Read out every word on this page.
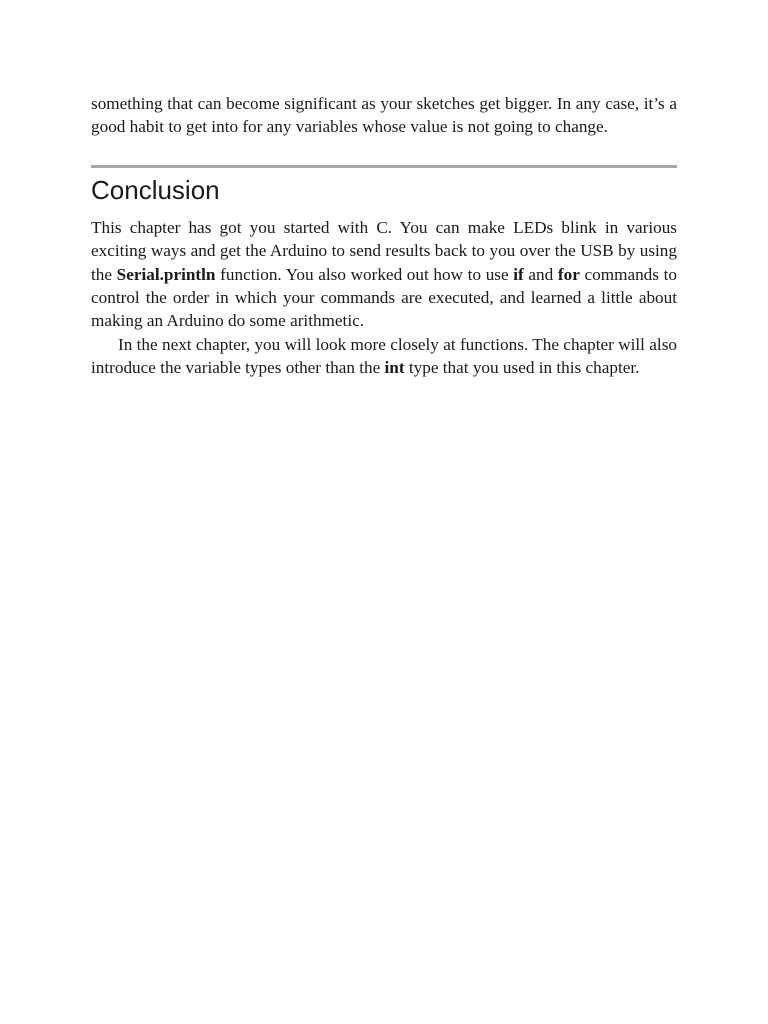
something that can become significant as your sketches get bigger. In any case, it’s a good habit to get into for any variables whose value is not going to change.

Conclusion

This chapter has got you started with C. You can make LEDs blink in various exciting ways and get the Arduino to send results back to you over the USB by using the Serial.println function. You also worked out how to use if and for commands to control the order in which your commands are executed, and learned a little about making an Arduino do some arithmetic.

In the next chapter, you will look more closely at functions. The chapter will also introduce the variable types other than the int type that you used in this chapter.
